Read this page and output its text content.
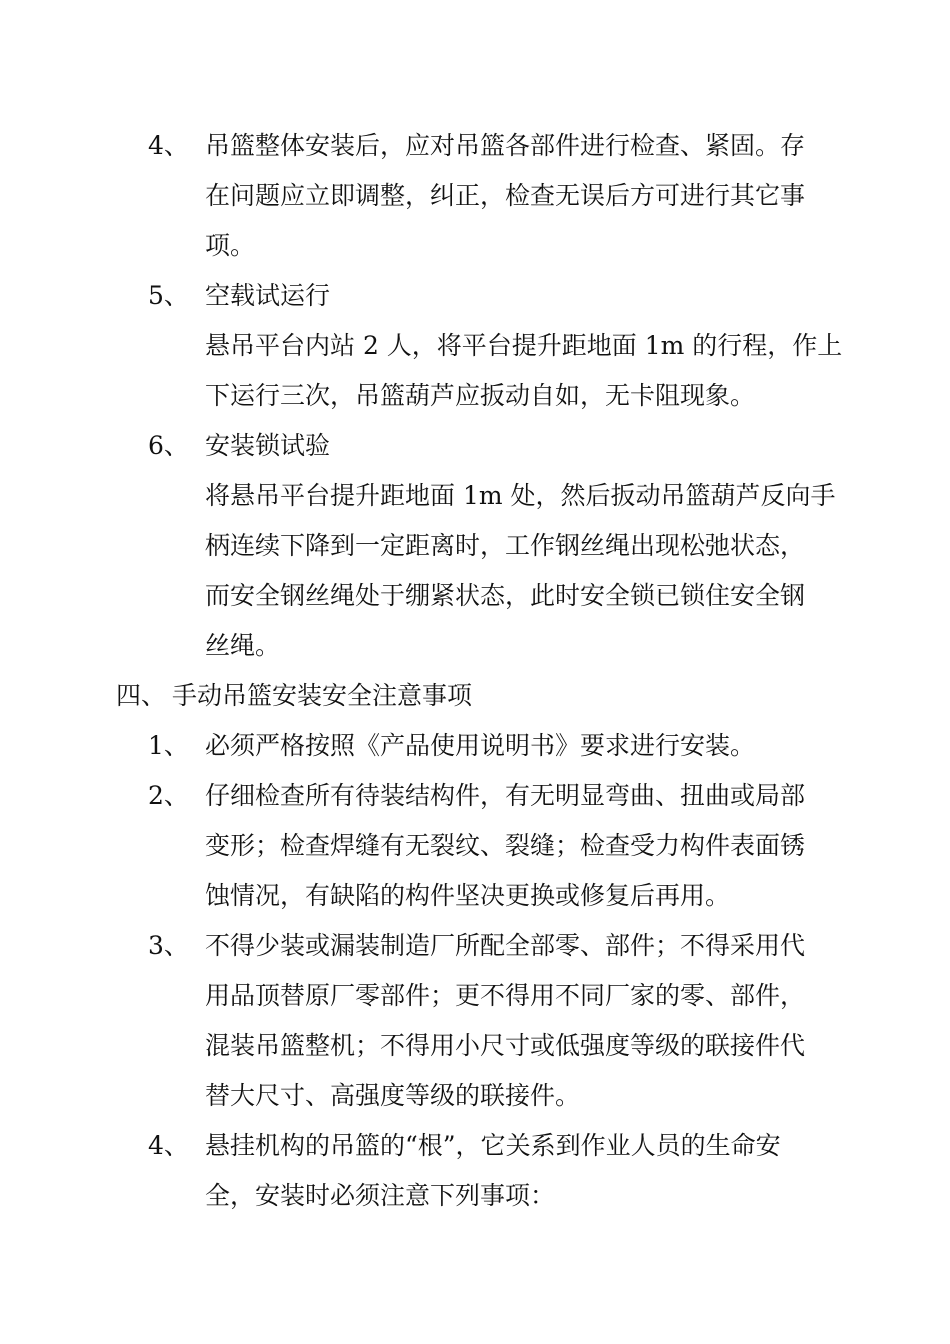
4、 吊篮整体安装后，应对吊篮各部件进行检查、紧固。存
在问题应立即调整，纠正，检查无误后方可进行其它事
项。
5、 空载试运行
悬吊平台内站 2 人，将平台提升距地面 1m 的行程，作上
下运行三次，吊篮葫芦应扳动自如，无卡阻现象。
6、 安装锁试验
将悬吊平台提升距地面 1m 处，然后扳动吊篮葫芦反向手
柄连续下降到一定距离时，工作钢丝绳出现松弛状态，
而安全钢丝绳处于绷紧状态，此时安全锁已锁住安全钢
丝绳。
四、 手动吊篮安装安全注意事项
1、 必须严格按照《产品使用说明书》要求进行安装。
2、 仔细检查所有待装结构件，有无明显弯曲、扭曲或局部
变形；检查焊缝有无裂纹、裂缝；检查受力构件表面锈
蚀情况，有缺陷的构件坚决更换或修复后再用。
3、 不得少装或漏装制造厂所配全部零、部件；不得采用代
用品顶替原厂零部件；更不得用不同厂家的零、部件，
混装吊篮整机；不得用小尺寸或低强度等级的联接件代
替大尺寸、高强度等级的联接件。
4、 悬挂机构的吊篮的“根”，它关系到作业人员的生命安
全，安装时必须注意下列事项：
